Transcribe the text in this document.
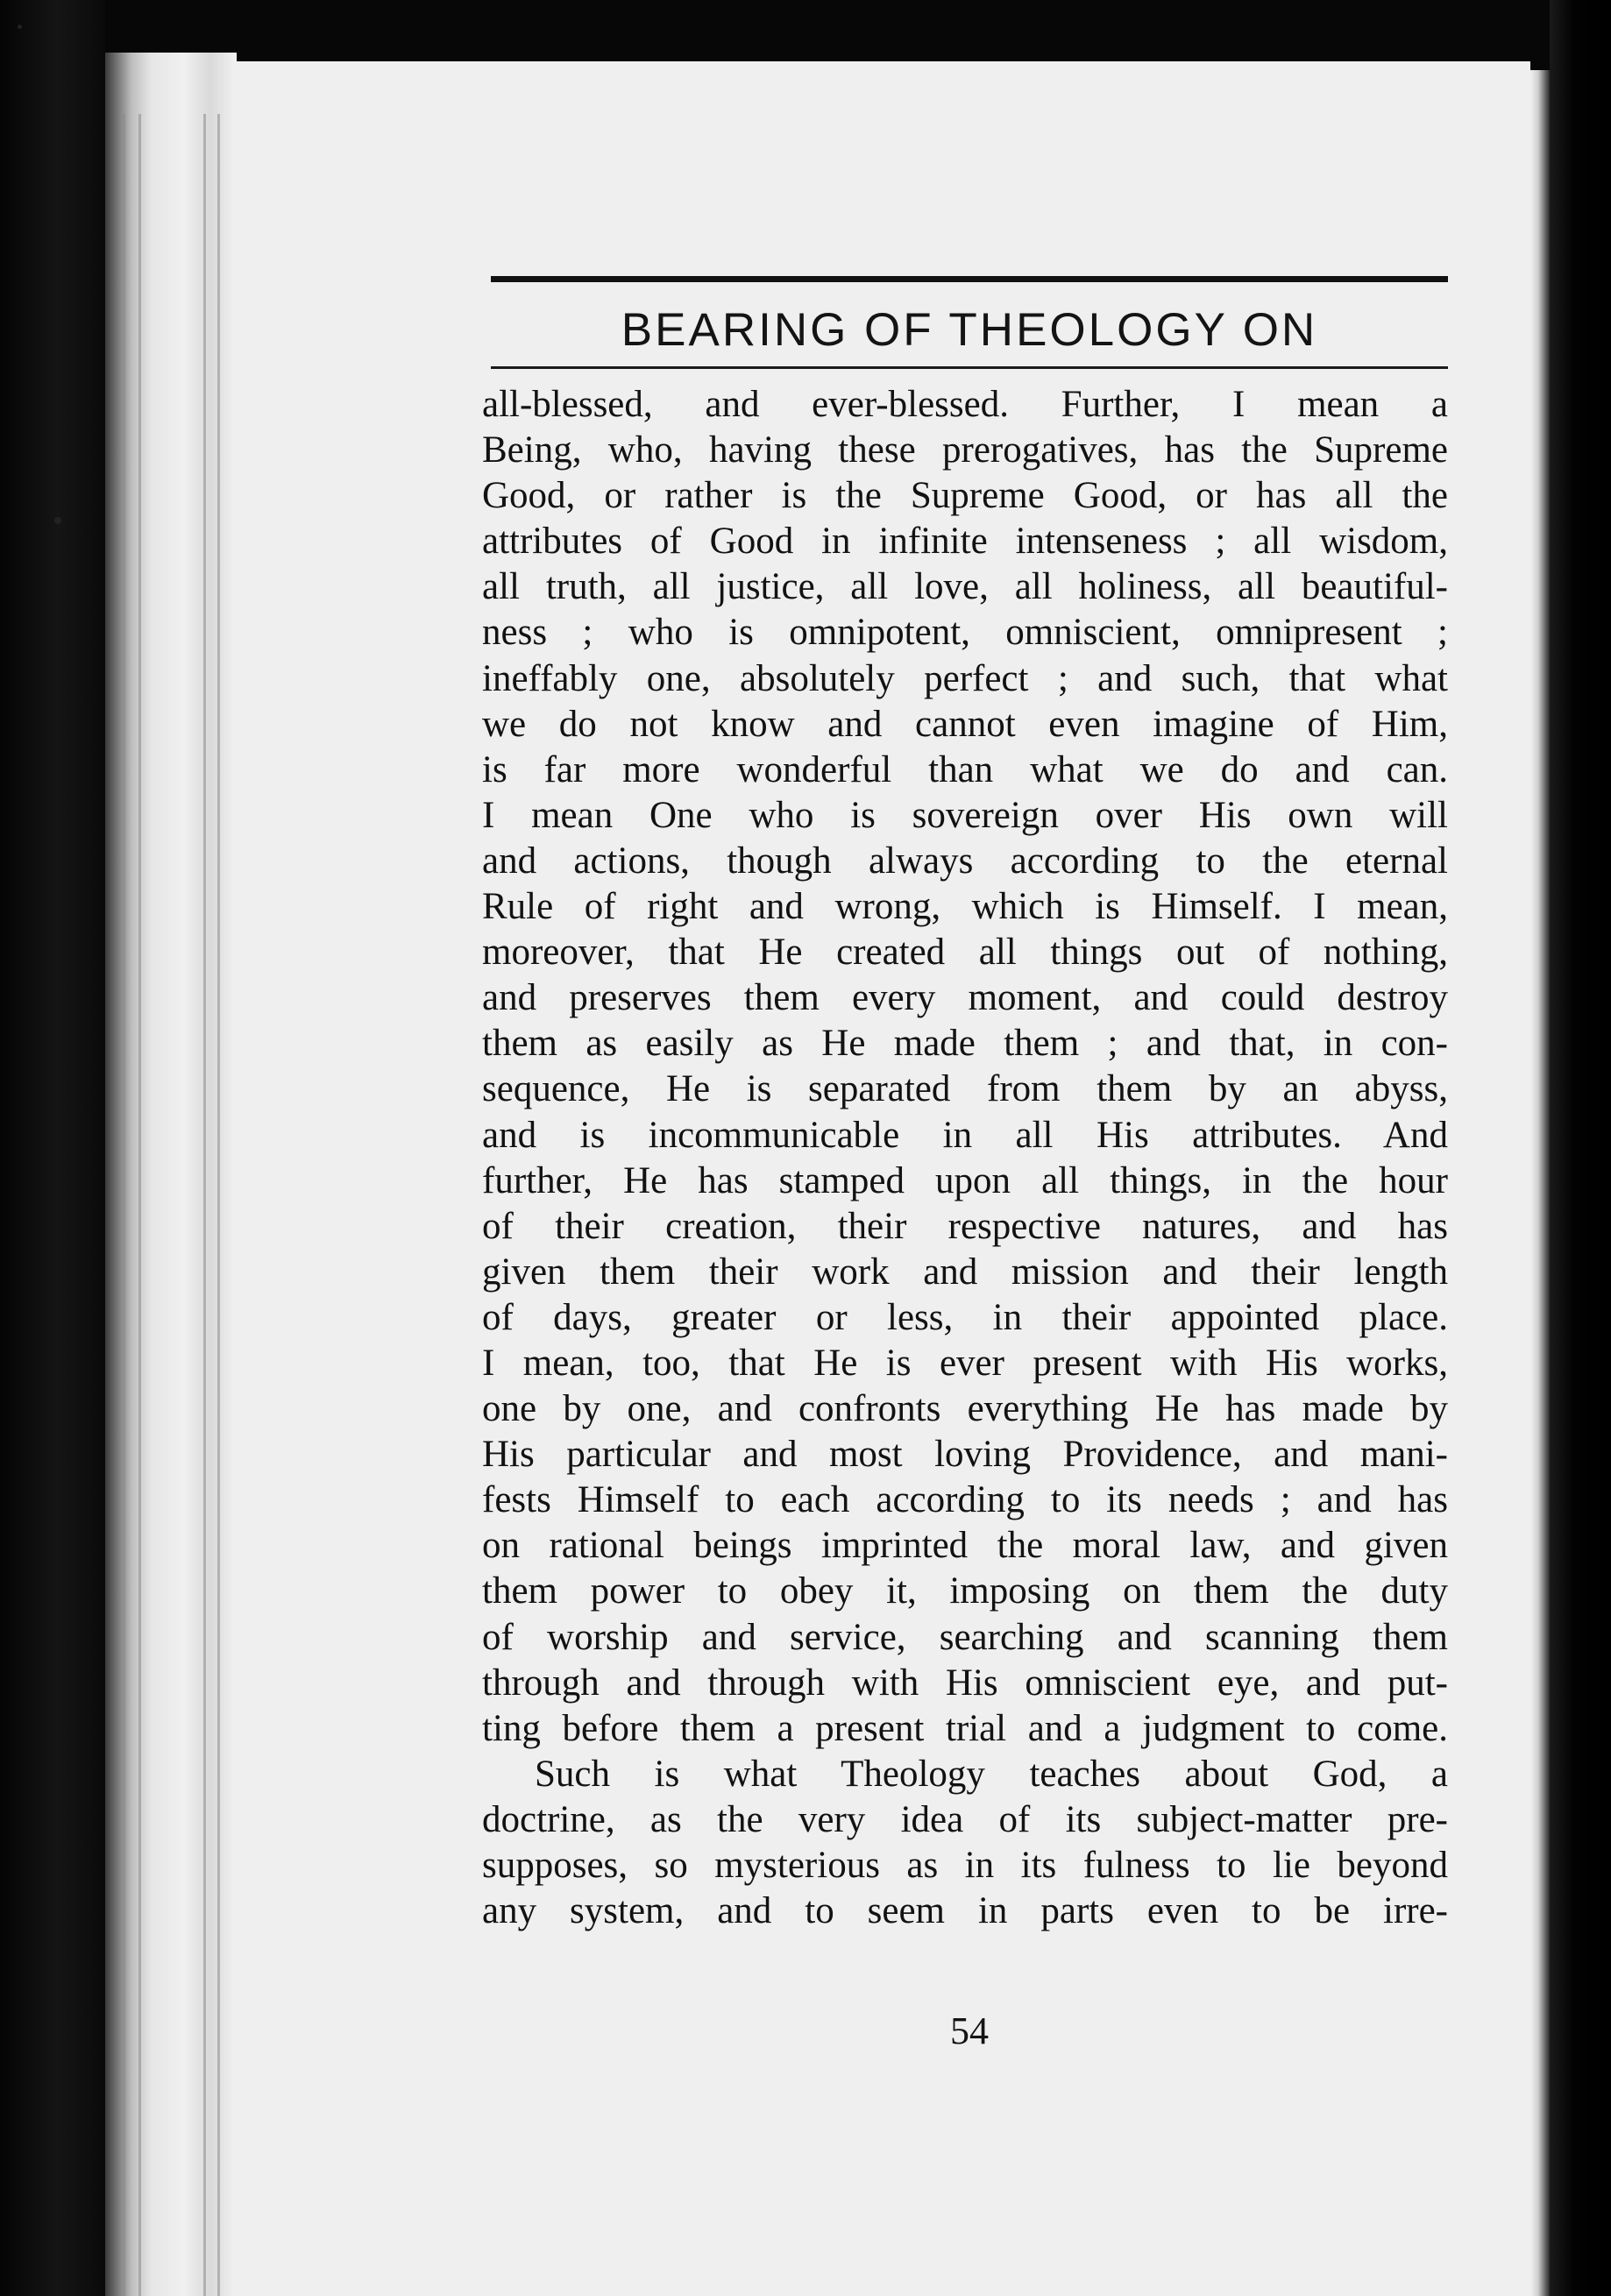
BEARING OF THEOLOGY ON
all-blessed, and ever-blessed. Further, I mean a
Being, who, having these prerogatives, has the Supreme
Good, or rather is the Supreme Good, or has all the
attributes of Good in infinite intenseness ; all wisdom,
all truth, all justice, all love, all holiness, all beautiful-
ness ; who is omnipotent, omniscient, omnipresent ;
ineffably one, absolutely perfect ; and such, that what
we do not know and cannot even imagine of Him,
is far more wonderful than what we do and can.
I mean One who is sovereign over His own will
and actions, though always according to the eternal
Rule of right and wrong, which is Himself. I mean,
moreover, that He created all things out of nothing,
and preserves them every moment, and could destroy
them as easily as He made them ; and that, in con-
sequence, He is separated from them by an abyss,
and is incommunicable in all His attributes. And
further, He has stamped upon all things, in the hour
of their creation, their respective natures, and has
given them their work and mission and their length
of days, greater or less, in their appointed place.
I mean, too, that He is ever present with His works,
one by one, and confronts everything He has made by
His particular and most loving Providence, and mani-
fests Himself to each according to its needs ; and has
on rational beings imprinted the moral law, and given
them power to obey it, imposing on them the duty
of worship and service, searching and scanning them
through and through with His omniscient eye, and put-
ting before them a present trial and a judgment to come.
Such is what Theology teaches about God, a
doctrine, as the very idea of its subject-matter pre-
supposes, so mysterious as in its fulness to lie beyond
any system, and to seem in parts even to be irre-
54
